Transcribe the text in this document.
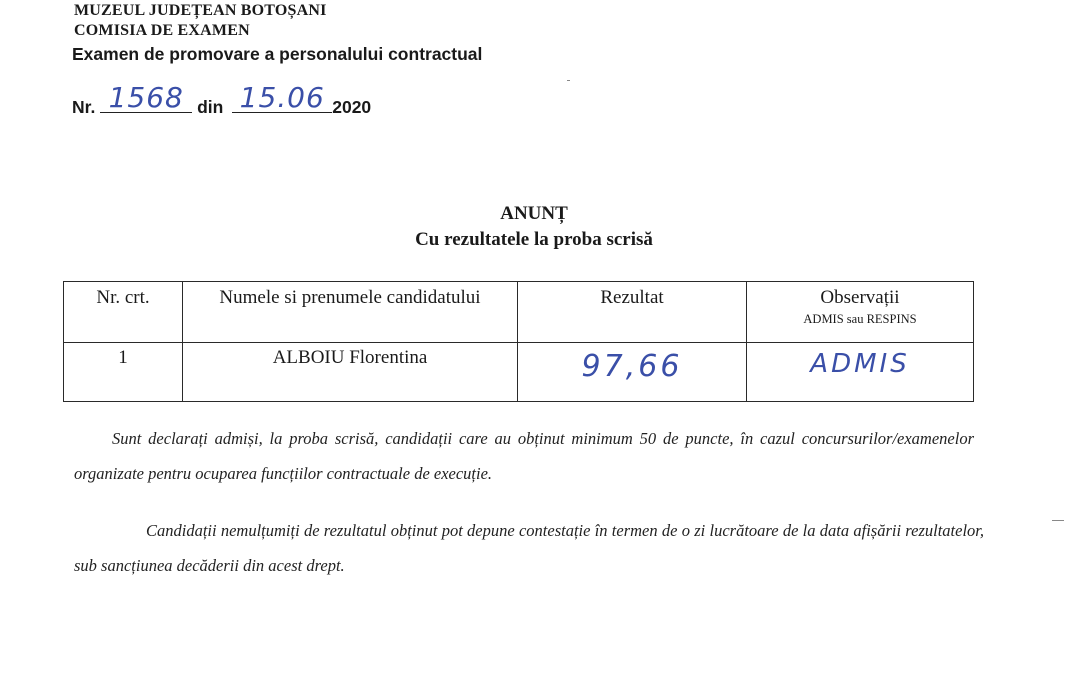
MUZEUL JUDEȚEAN BOTOȘANI
COMISIA DE EXAMEN
Examen de promovare a personalului contractual
Nr. 1568 din 15.06 2020
ANUNȚ
Cu rezultatele la proba scrisă
Nr. crt.	Numele si prenumele candidatului	Rezultat	Observații
ADMIS sau RESPINS

1	ALBOIU Florentina	97,66	ADMIS
Sunt declarați admiși, la proba scrisă, candidații care au obținut minimum 50 de puncte, în cazul concursurilor/examenelor organizate pentru ocuparea funcțiilor contractuale de execuție.
Candidații nemulțumiți de rezultatul obținut pot depune contestație în termen de o zi lucrătoare de la data afișării rezultatelor, sub sancțiunea decăderii din acest drept.
